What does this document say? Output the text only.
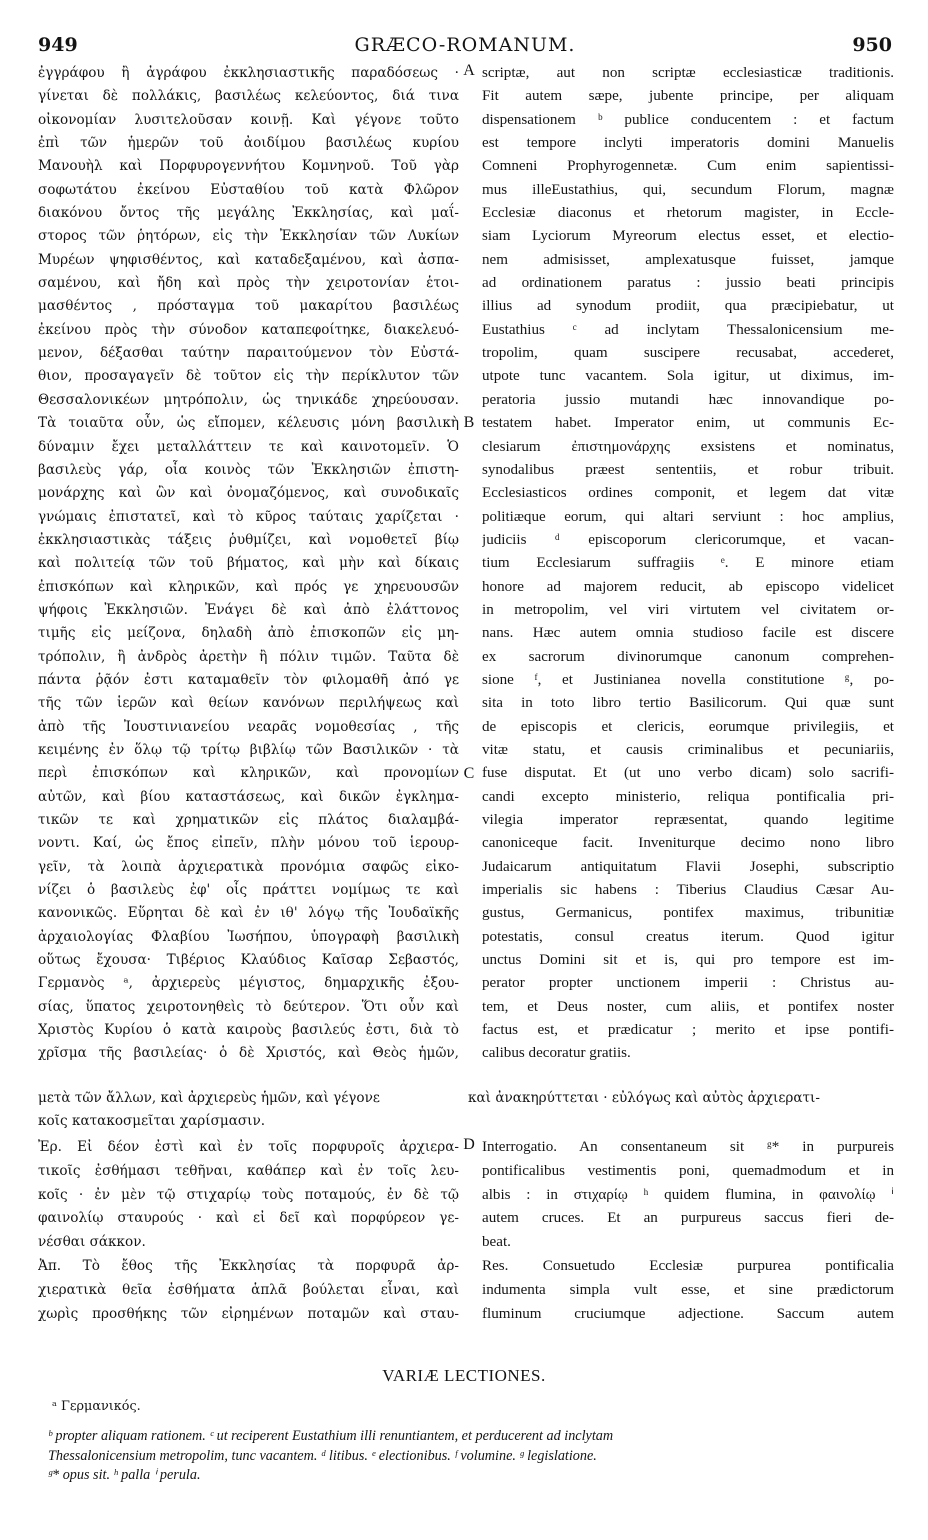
949	GRÆCO-ROMANUM.	950
ἐγγράφου ἢ ἀγράφου ἐκκλησιαστικῆς παραδόσεως ·
γίνεται δὲ πολλάκις, βασιλέως κελεύοντος, διά τινα
οἰκονομίαν λυσιτελοῦσαν κοινῇ. Καὶ γέγονε τοῦτο
ἐπὶ τῶν ἡμερῶν τοῦ ἀοιδίμου βασιλέως κυρίου
Μανουὴλ καὶ Πορφυρογεννήτου Κομνηνοῦ. Τοῦ γὰρ
σοφωτάτου ἐκείνου Εὐσταθίου τοῦ κατὰ Φλῶρον
διακόνου ὄντος τῆς μεγάλης Ἐκκλησίας, καὶ μαΐ-
στορος τῶν ῥητόρων, εἰς τὴν Ἐκκλησίαν τῶν Λυκίων
Μυρέων ψηφισθέντος, καὶ καταδεξαμένου, καὶ ἀσπα-
σαμένου, καὶ ἤδη καὶ πρὸς τὴν χειροτονίαν ἑτοι-
μασθέντος , πρόσταγμα τοῦ μακαρίτου βασιλέως
ἐκείνου πρὸς τὴν σύνοδον καταπεφοίτηκε, διακελευό-
μενον, δέξασθαι ταύτην παραιτούμενον τὸν Εὐστά-
θιον, προσαγαγεῖν δὲ τοῦτον εἰς τὴν περίκλυτον τῶν
Θεσσαλονικέων μητρόπολιν, ὡς τηνικάδε χηρεύουσαν.
Τὰ τοιαῦτα οὖν, ὡς εἴπομεν, κέλευσις μόνη βασιλικὴ
δύναμιν ἔχει μεταλλάττειν τε καὶ καινοτομεῖν. Ὁ
βασιλεὺς γάρ, οἷα κοινὸς τῶν Ἐκκλησιῶν ἐπιστη-
μονάρχης καὶ ὢν καὶ ὀνομαζόμενος, καὶ συνοδικαῖς
γνώμαις ἐπιστατεῖ, καὶ τὸ κῦρος ταύταις χαρίζεται ·
ἐκκλησιαστικὰς τάξεις ῥυθμίζει, καὶ νομοθετεῖ βίῳ
καὶ πολιτείᾳ τῶν τοῦ βήματος, καὶ μὴν καὶ δίκαις
ἐπισκόπων καὶ κληρικῶν, καὶ πρός γε χηρευουσῶν
ψήφοις Ἐκκλησιῶν. Ἐνάγει δὲ καὶ ἀπὸ ἐλάττονος
τιμῆς εἰς μείζονα, δηλαδὴ ἀπὸ ἐπισκοπῶν εἰς μη-
τρόπολιν, ἢ ἀνδρὸς ἀρετὴν ἢ πόλιν τιμῶν. Ταῦτα δὲ
πάντα ῥᾷόν ἐστι καταμαθεῖν τὸν φιλομαθῆ ἀπό γε
τῆς τῶν ἱερῶν καὶ θείων κανόνων περιλήψεως καὶ
ἀπὸ τῆς Ἰουστινιανείου νεαρᾶς νομοθεσίας , τῆς
κειμένης ἐν ὅλῳ τῷ τρίτῳ βιβλίῳ τῶν Βασιλικῶν · τὰ
περὶ ἐπισκόπων καὶ κληρικῶν, καὶ προνομίων
αὐτῶν, καὶ βίου καταστάσεως, καὶ δικῶν ἐγκλημα-
τικῶν τε καὶ χρηματικῶν εἰς πλάτος διαλαμβά-
νοντι. Καί, ὡς ἔπος εἰπεῖν, πλὴν μόνου τοῦ ἱερουρ-
γεῖν, τὰ λοιπὰ ἀρχιερατικὰ προνόμια σαφῶς εἰκο-
νίζει ὁ βασιλεὺς ἐφ' οἷς πράττει νομίμως τε καὶ
κανονικῶς. Εὕρηται δὲ καὶ ἐν ιθ' λόγῳ τῆς Ἰουδαϊκῆς
ἀρχαιολογίας Φλαβίου Ἰωσήπου, ὑπογραφὴ βασιλικὴ
οὕτως ἔχουσα· Τιβέριος Κλαύδιος Καῖσαρ Σεβαστός,
Γερμανὸς ᵃ, ἀρχιερεὺς μέγιστος, δημαρχικῆς ἐξου-
σίας, ὕπατος χειροτονηθεὶς τὸ δεύτερον. Ὅτι οὖν καὶ
Χριστὸς Κυρίου ὁ κατὰ καιροὺς βασιλεύς ἐστι, διὰ τὸ
χρῖσμα τῆς βασιλείας· ὁ δὲ Χριστός, καὶ Θεὸς ἡμῶν,
scriptæ, aut non scriptæ ecclesiasticæ traditionis.
Fit autem sæpe, jubente principe, per aliquam
dispensationem ᵇ publice conducentem : et factum
est tempore inclyti imperatoris domini Manuelis
Comneni Prophyrogennetæ. Cum enim sapientissi-
mus illeEustathius, qui, secundum Florum, magnæ
Ecclesiæ diaconus et rhetorum magister, in Eccle-
siam Lyciorum Myreorum electus esset, et electio-
nem admisisset, amplexatusque fuisset, jamque
ad ordinationem paratus : jussio beati principis
illius ad synodum prodiit, qua præcipiebatur, ut
Eustathius ᶜ ad inclytam Thessalonicensium me-
tropolim, quam suscipere recusabat, accederet,
utpote tunc vacantem. Sola igitur, ut diximus, im-
peratoria jussio mutandi hæc innovandique po-
testatem habet. Imperator enim, ut communis Ec-
clesiarum ἐπιστημονάρχης exsistens et nominatus,
synodalibus præest sententiis, et robur tribuit.
Ecclesiasticos ordines componit, et legem dat vitæ
politiæque eorum, qui altari serviunt : hoc amplius,
judiciis ᵈ episcoporum clericorumque, et vacan-
tium Ecclesiarum suffragiis ᵉ. E minore etiam
honore ad majorem reducit, ab episcopo videlicet
in metropolim, vel viri virtutem vel civitatem or-
nans. Hæc autem omnia studioso facile est discere
ex sacrorum divinorumque canonum comprehen-
sione ᶠ, et Justinianea novella constitutione ᵍ, po-
sita in toto libro tertio Basilicorum. Qui quæ sunt
de episcopis et clericis, eorumque privilegiis, et
vitæ statu, et causis criminalibus et pecuniariis,
fuse disputat. Et (ut uno verbo dicam) solo sacrifi-
candi excepto ministerio, reliqua pontificalia pri-
vilegia imperator repræsentat, quando legitime
canoniceque facit. Inveniturque decimo nono libro
Judaicarum antiquitatum Flavii Josephi, subscriptio
imperialis sic habens : Tiberius Claudius Cæsar Au-
gustus, Germanicus, pontifex maximus, tribunitiæ
potestatis, consul creatus iterum. Quod igitur
unctus Domini sit et is, qui pro tempore est im-
perator propter unctionem imperii : Christus au-
tem, et Deus noster, cum aliis, et pontifex noster
factus est, et prædicatur ; merito et ipse pontifi-
calibus decoratur gratiis.
A
B
C
D
μετὰ τῶν ἄλλων, καὶ ἀρχιερεὺς ἡμῶν, καὶ γέγονε	καὶ ἀνακηρύττεται · εὐλόγως καὶ αὐτὸς ἀρχιερατι-
κοῖς κατακοσμεῖται χαρίσμασιν.
Ἐρ. Εἰ δέον ἐστὶ καὶ ἐν τοῖς πορφυροῖς ἀρχιερα-
τικοῖς ἐσθήμασι τεθῆναι, καθάπερ καὶ ἐν τοῖς λευ-
κοῖς · ἐν μὲν τῷ στιχαρίῳ τοὺς ποταμούς, ἐν δὲ τῷ
φαινολίῳ σταυρούς · καὶ εἰ δεῖ καὶ πορφύρεον γε-
νέσθαι σάκκον.
Ἀπ. Τὸ ἔθος τῆς Ἐκκλησίας τὰ πορφυρᾶ ἀρ-
χιερατικὰ θεῖα ἐσθήματα ἁπλᾶ βούλεται εἶναι, καὶ
χωρὶς προσθήκης τῶν εἰρημένων ποταμῶν καὶ σταυ-
Interrogatio. An consentaneum sit ᵍ* in purpureis
pontificalibus vestimentis poni, quemadmodum et in
albis : in στιχαρίῳ ʰ quidem flumina, in φαινολίῳ ⁱ
autem cruces. Et an purpureus saccus fieri de-
beat.
Res. Consuetudo Ecclesiæ purpurea pontificalia
indumenta simpla vult esse, et sine prædictorum
fluminum cruciumque adjectione. Saccum autem
VARIÆ LECTIONES.
ᵃ Γερμανικός.
ᵇ propter aliquam rationem. ᶜ ut reciperent Eustathium illi renuntiantem, et perducerent ad inclytam
Thessalonicensium metropolim, tunc vacantem. ᵈ litibus. ᵉ electionibus. ᶠ volumine. ᵍ legislatione.
ᵍ* opus sit. ʰ palla ⁱ perula.
